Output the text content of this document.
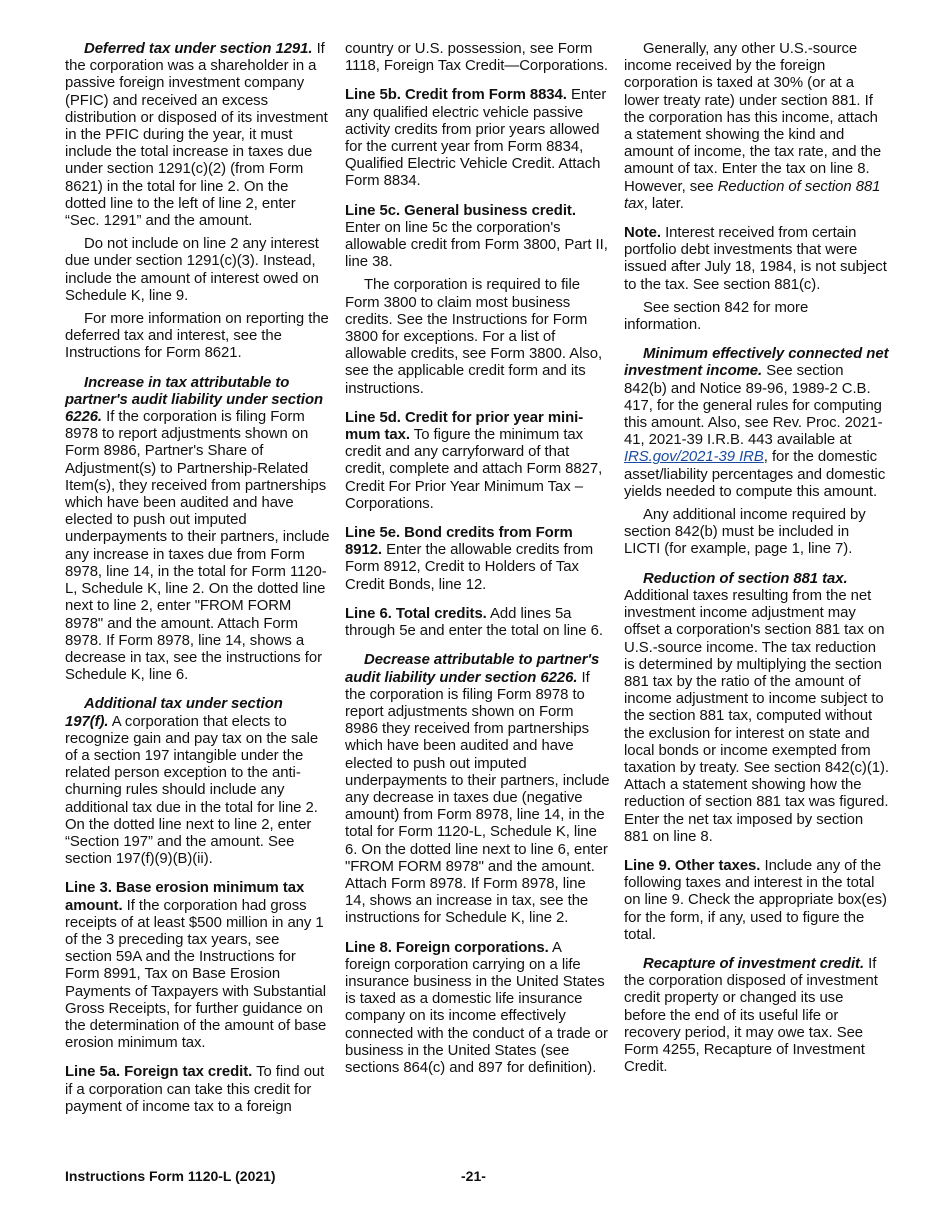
Deferred tax under section 1291. If the corporation was a shareholder in a passive foreign investment company (PFIC) and received an excess distribution or disposed of its investment in the PFIC during the year, it must include the total increase in taxes due under section 1291(c)(2) (from Form 8621) in the total for line 2. On the dotted line to the left of line 2, enter “Sec. 1291” and the amount.

Do not include on line 2 any interest due under section 1291(c)(3). Instead, include the amount of interest owed on Schedule K, line 9.

For more information on reporting the deferred tax and interest, see the Instructions for Form 8621.

Increase in tax attributable to partner's audit liability under section 6226. If the corporation is filing Form 8978 to report adjustments shown on Form 8986, Partner's Share of Adjustment(s) to Partnership-Related Item(s), they received from partnerships which have been audited and have elected to push out imputed underpayments to their partners, include any increase in taxes due from Form 8978, line 14, in the total for Form 1120-L, Schedule K, line 2. On the dotted line next to line 2, enter "FROM FORM 8978" and the amount. Attach Form 8978. If Form 8978, line 14, shows a decrease in tax, see the instructions for Schedule K, line 6.

Additional tax under section 197(f). A corporation that elects to recognize gain and pay tax on the sale of a section 197 intangible under the related person exception to the anti-churning rules should include any additional tax due in the total for line 2. On the dotted line next to line 2, enter “Section 197” and the amount. See section 197(f)(9)(B)(ii).

Line 3. Base erosion minimum tax amount. If the corporation had gross receipts of at least $500 million in any 1 of the 3 preceding tax years, see section 59A and the Instructions for Form 8991, Tax on Base Erosion Payments of Taxpayers with Substantial Gross Receipts, for further guidance on the determination of the amount of base erosion minimum tax.

Line 5a. Foreign tax credit. To find out if a corporation can take this credit for payment of income tax to a foreign

country or U.S. possession, see Form 1118, Foreign Tax Credit—Corporations.

Line 5b. Credit from Form 8834. Enter any qualified electric vehicle passive activity credits from prior years allowed for the current year from Form 8834, Qualified Electric Vehicle Credit. Attach Form 8834.

Line 5c. General business credit. Enter on line 5c the corporation's allowable credit from Form 3800, Part II, line 38.

The corporation is required to file Form 3800 to claim most business credits. See the Instructions for Form 3800 for exceptions. For a list of allowable credits, see Form 3800. Also, see the applicable credit form and its instructions.

Line 5d. Credit for prior year mini-mum tax. To figure the minimum tax credit and any carryforward of that credit, complete and attach Form 8827, Credit For Prior Year Minimum Tax – Corporations.

Line 5e. Bond credits from Form 8912. Enter the allowable credits from Form 8912, Credit to Holders of Tax Credit Bonds, line 12.

Line 6. Total credits. Add lines 5a through 5e and enter the total on line 6.

Decrease attributable to partner's audit liability under section 6226. If the corporation is filing Form 8978 to report adjustments shown on Form 8986 they received from partnerships which have been audited and have elected to push out imputed underpayments to their partners, include any decrease in taxes due (negative amount) from Form 8978, line 14, in the total for Form 1120-L, Schedule K, line 6. On the dotted line next to line 6, enter "FROM FORM 8978" and the amount. Attach Form 8978. If Form 8978, line 14, shows an increase in tax, see the instructions for Schedule K, line 2.

Line 8. Foreign corporations. A foreign corporation carrying on a life insurance business in the United States is taxed as a domestic life insurance company on its income effectively connected with the conduct of a trade or business in the United States (see sections 864(c) and 897 for definition).

Generally, any other U.S.-source income received by the foreign corporation is taxed at 30% (or at a lower treaty rate) under section 881. If the corporation has this income, attach a statement showing the kind and amount of income, the tax rate, and the amount of tax. Enter the tax on line 8. However, see Reduction of section 881 tax, later.

Note. Interest received from certain portfolio debt investments that were issued after July 18, 1984, is not subject to the tax. See section 881(c).

See section 842 for more information.

Minimum effectively connected net investment income. See section 842(b) and Notice 89-96, 1989-2 C.B. 417, for the general rules for computing this amount. Also, see Rev. Proc. 2021-41, 2021-39 I.R.B. 443 available at IRS.gov/2021-39 IRB, for the domestic asset/liability percentages and domestic yields needed to compute this amount.

Any additional income required by section 842(b) must be included in LICTI (for example, page 1, line 7).

Reduction of section 881 tax. Additional taxes resulting from the net investment income adjustment may offset a corporation's section 881 tax on U.S.-source income. The tax reduction is determined by multiplying the section 881 tax by the ratio of the amount of income adjustment to income subject to the section 881 tax, computed without the exclusion for interest on state and local bonds or income exempted from taxation by treaty. See section 842(c)(1). Attach a statement showing how the reduction of section 881 tax was figured. Enter the net tax imposed by section 881 on line 8.

Line 9. Other taxes. Include any of the following taxes and interest in the total on line 9. Check the appropriate box(es) for the form, if any, used to figure the total.

Recapture of investment credit. If the corporation disposed of investment credit property or changed its use before the end of its useful life or recovery period, it may owe tax. See Form 4255, Recapture of Investment Credit.

Instructions Form 1120-L (2021)	-21-
